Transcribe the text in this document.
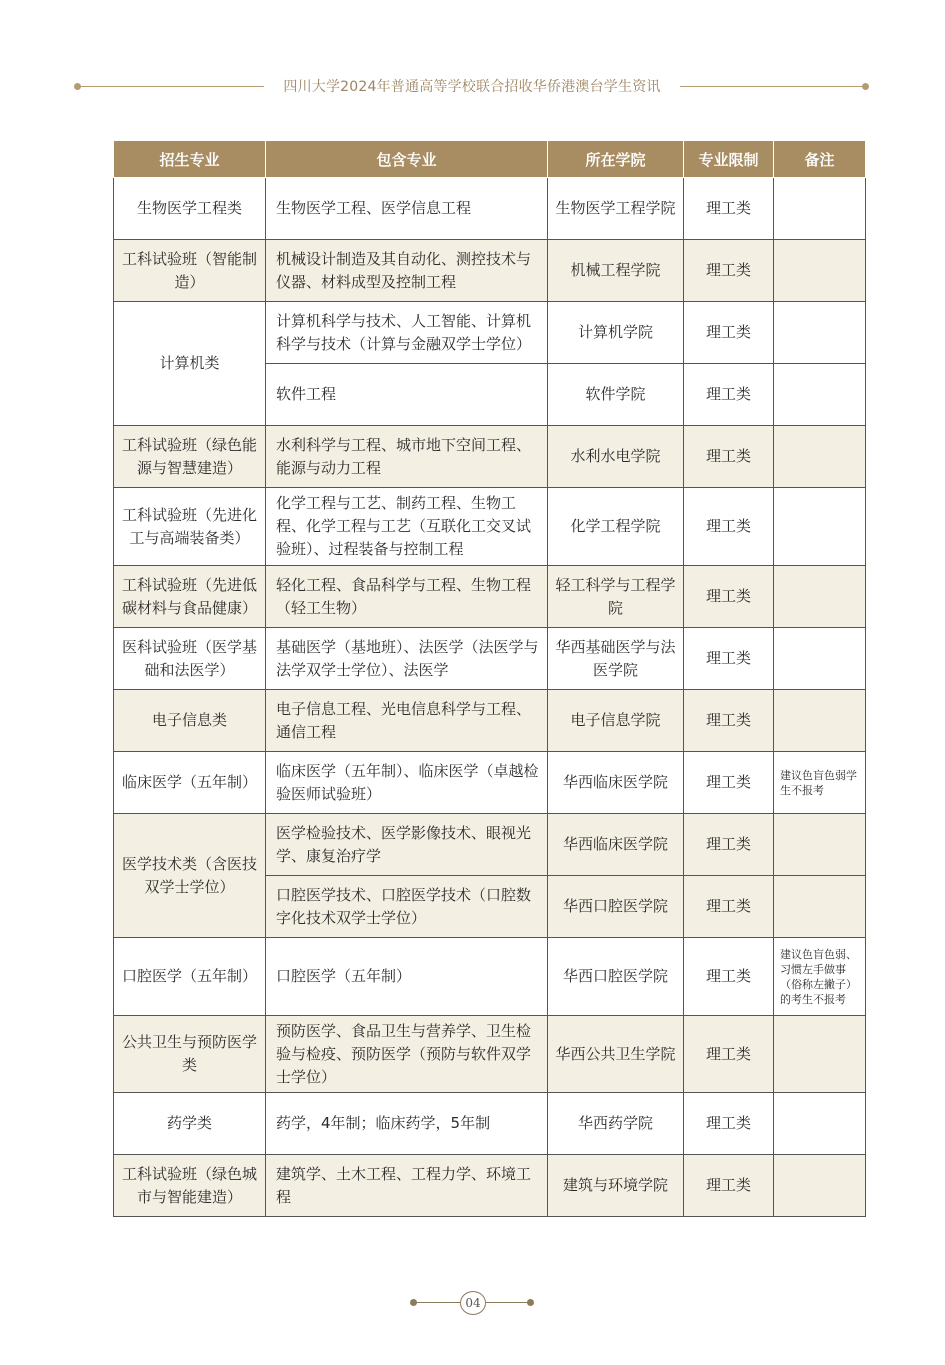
四川大学2024年普通高等学校联合招收华侨港澳台学生资讯
招生专业	包含专业	所在学院	专业限制	备注
生物医学工程类	生物医学工程、医学信息工程	生物医学工程学院	理工类	
工科试验班（智能制造）	机械设计制造及其自动化、测控技术与仪器、材料成型及控制工程	机械工程学院	理工类	
计算机类	计算机科学与技术、人工智能、计算机科学与技术（计算与金融双学士学位）	计算机学院	理工类	
	软件工程	软件学院	理工类	
工科试验班（绿色能源与智慧建造）	水利科学与工程、城市地下空间工程、能源与动力工程	水利水电学院	理工类	
工科试验班（先进化工与高端装备类）	化学工程与工艺、制药工程、生物工程、化学工程与工艺（互联化工交叉试验班）、过程装备与控制工程	化学工程学院	理工类	
工科试验班（先进低碳材料与食品健康）	轻化工程、食品科学与工程、生物工程（轻工生物）	轻工科学与工程学院	理工类	
医科试验班（医学基础和法医学）	基础医学（基地班）、法医学（法医学与法学双学士学位）、法医学	华西基础医学与法医学院	理工类	
电子信息类	电子信息工程、光电信息科学与工程、通信工程	电子信息学院	理工类	
临床医学（五年制）	临床医学（五年制）、临床医学（卓越检验医师试验班）	华西临床医学院	理工类	建议色盲色弱学生不报考
医学技术类（含医技双学士学位）	医学检验技术、医学影像技术、眼视光学、康复治疗学	华西临床医学院	理工类	
	口腔医学技术、口腔医学技术（口腔数字化技术双学士学位）	华西口腔医学院	理工类	
口腔医学（五年制）	口腔医学（五年制）	华西口腔医学院	理工类	建议色盲色弱、习惯左手做事（俗称左撇子）的考生不报考
公共卫生与预防医学类	预防医学、食品卫生与营养学、卫生检验与检疫、预防医学（预防与软件双学士学位）	华西公共卫生学院	理工类	
药学类	药学，4年制；临床药学，5年制	华西药学院	理工类	
工科试验班（绿色城市与智能建造）	建筑学、土木工程、工程力学、环境工程	建筑与环境学院	理工类	
04
